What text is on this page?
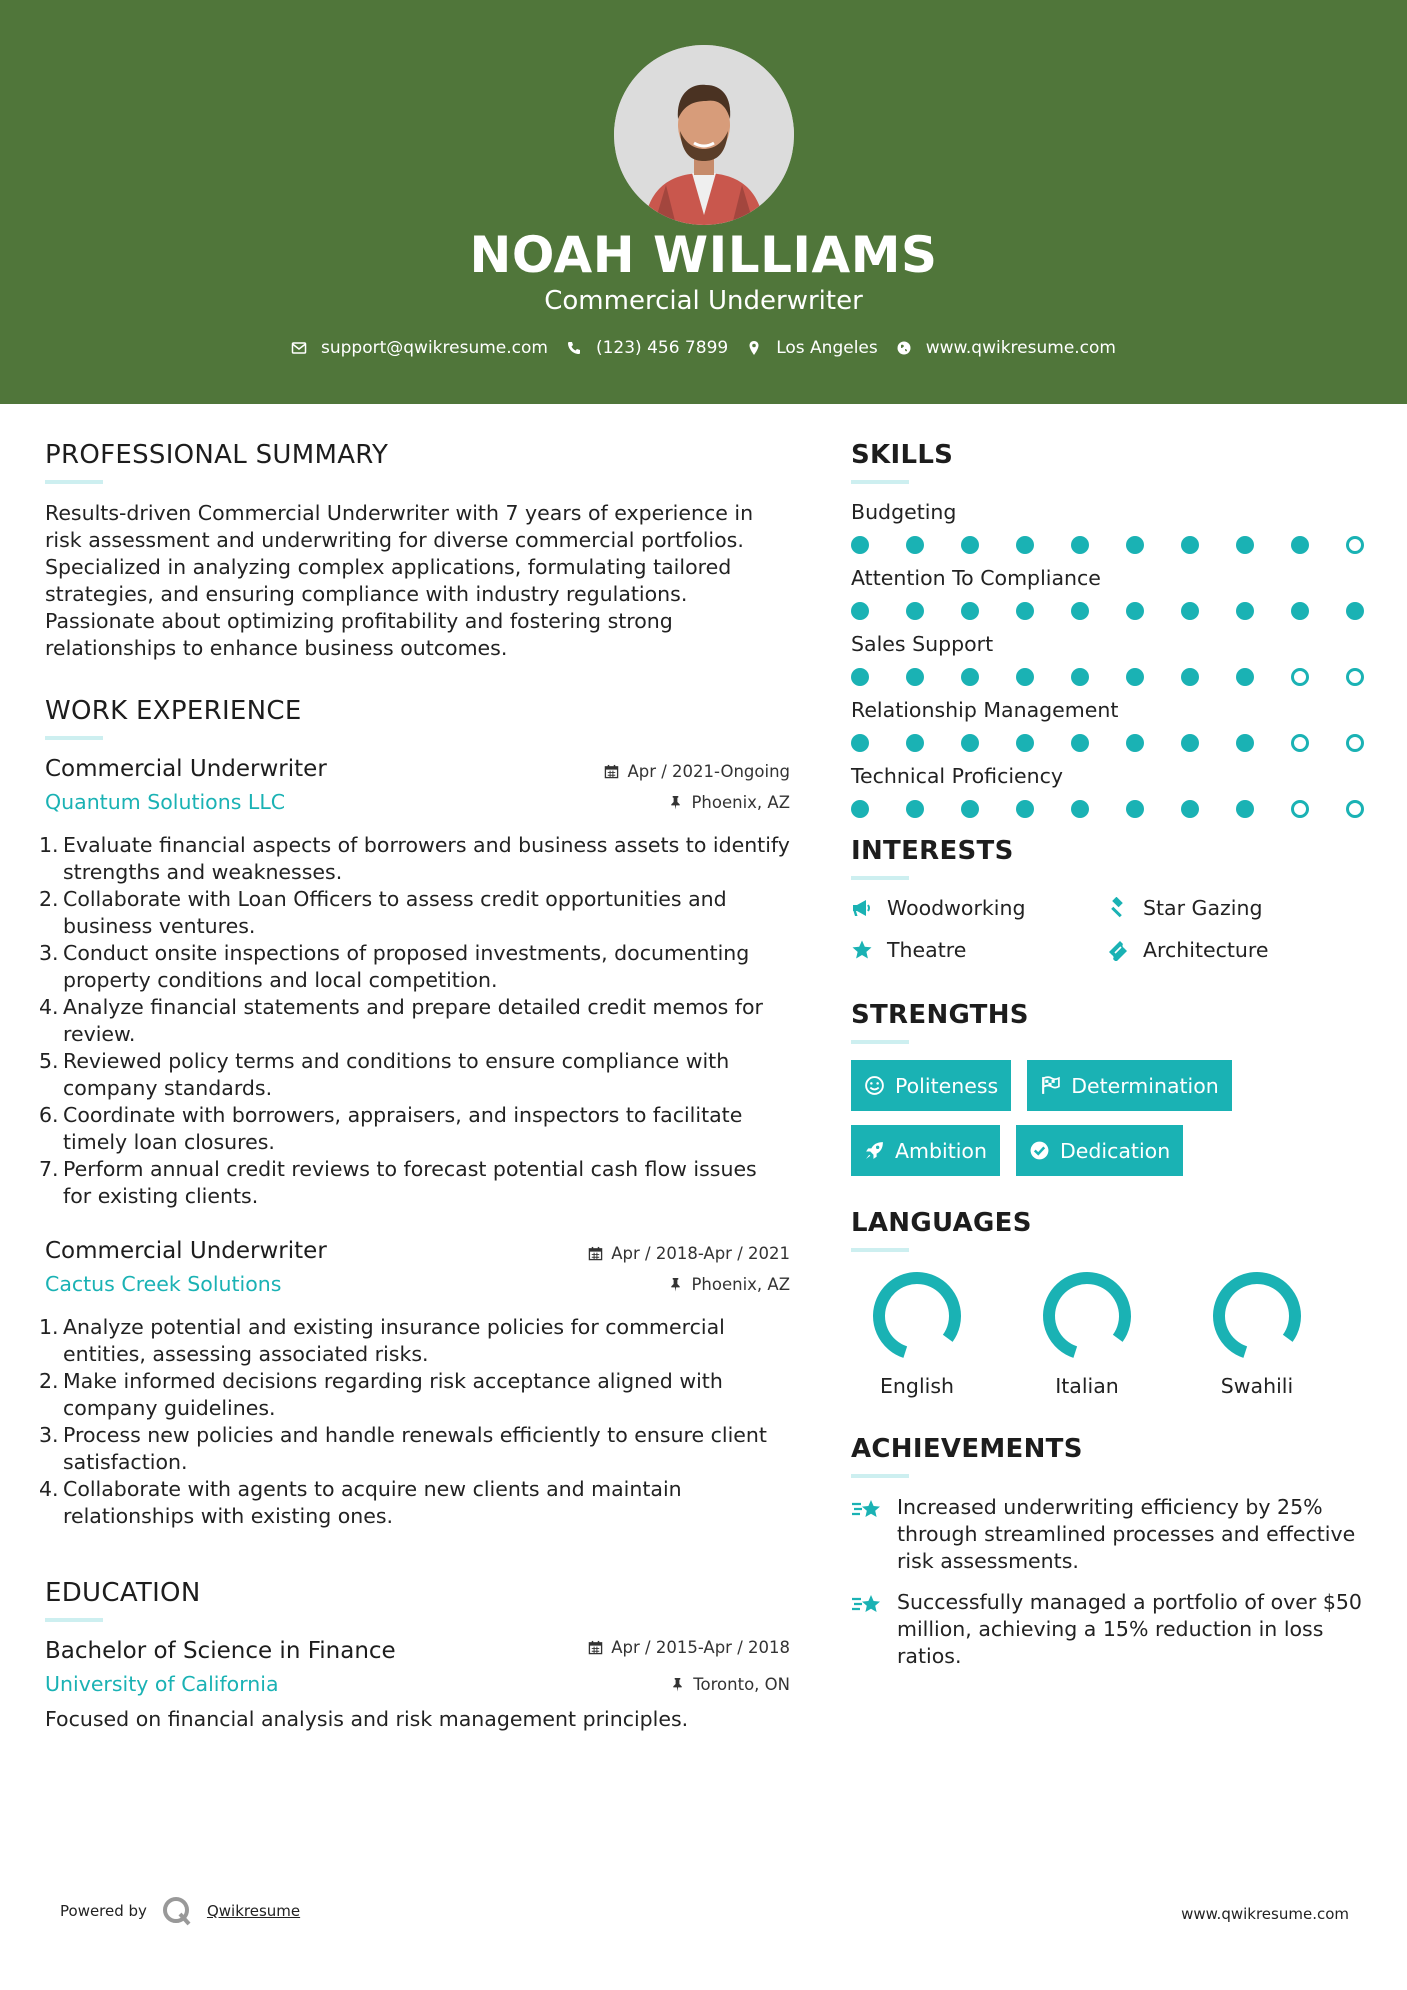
NOAH WILLIAMS
Commercial Underwriter
support@qwikresume.com	(123) 456 7899	Los Angeles	www.qwikresume.com
PROFESSIONAL SUMMARY
Results-driven Commercial Underwriter with 7 years of experience in risk assessment and underwriting for diverse commercial portfolios. Specialized in analyzing complex applications, formulating tailored strategies, and ensuring compliance with industry regulations. Passionate about optimizing profitability and fostering strong relationships to enhance business outcomes.
WORK EXPERIENCE
Commercial Underwriter	Apr / 2021-Ongoing
Quantum Solutions LLC	Phoenix, AZ
Evaluate financial aspects of borrowers and business assets to identify strengths and weaknesses.
Collaborate with Loan Officers to assess credit opportunities and business ventures.
Conduct onsite inspections of proposed investments, documenting property conditions and local competition.
Analyze financial statements and prepare detailed credit memos for review.
Reviewed policy terms and conditions to ensure compliance with company standards.
Coordinate with borrowers, appraisers, and inspectors to facilitate timely loan closures.
Perform annual credit reviews to forecast potential cash flow issues for existing clients.
Commercial Underwriter	Apr / 2018-Apr / 2021
Cactus Creek Solutions	Phoenix, AZ
Analyze potential and existing insurance policies for commercial entities, assessing associated risks.
Make informed decisions regarding risk acceptance aligned with company guidelines.
Process new policies and handle renewals efficiently to ensure client satisfaction.
Collaborate with agents to acquire new clients and maintain relationships with existing ones.
EDUCATION
Bachelor of Science in Finance	Apr / 2015-Apr / 2018
University of California	Toronto, ON
Focused on financial analysis and risk management principles.
SKILLS
Budgeting
Attention To Compliance
Sales Support
Relationship Management
Technical Proficiency
INTERESTS
Woodworking	Star Gazing
Theatre	Architecture
STRENGTHS
Politeness	Determination
Ambition	Dedication
LANGUAGES
English	Italian	Swahili
ACHIEVEMENTS
Increased underwriting efficiency by 25% through streamlined processes and effective risk assessments.
Successfully managed a portfolio of over $50 million, achieving a 15% reduction in loss ratios.
Powered by	Qwikresume	www.qwikresume.com
